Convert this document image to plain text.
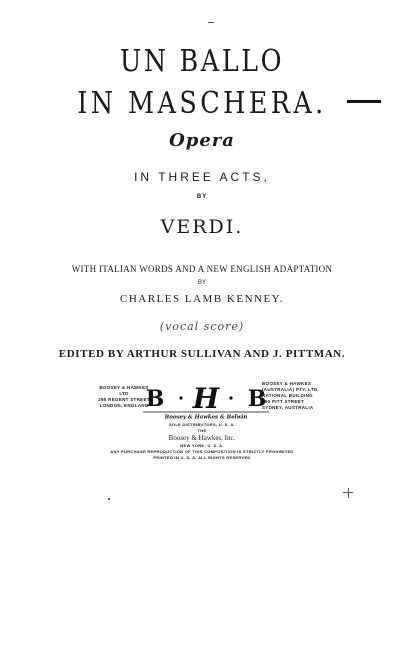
UN BALLO
IN MASCHERA.
Opera
IN THREE ACTS,
BY
VERDI.
WITH ITALIAN WORDS AND A NEW ENGLISH ADAPTATION
BY
CHARLES LAMB KENNEY.
(vocal score)
EDITED BY ARTHUR SULLIVAN AND J. PITTMAN.
BOOSEY & HAWKES
LTD
295 REGENT STREET
LONDON, ENGLAND
B H B
Boosey & Hawkes & Belwin
BOOSEY & HAWKES
(AUSTRALIA) PTY. LTD.
NATIONAL BUILDING
250 PITT STREET
SYDNEY, AUSTRALIA
SOLE DISTRIBUTORS, U. S. A.
THE
Boosey & Hawkes, Inc.
NEW YORK, U. S. A.
ANY PURCHASE REPRODUCTION OF THIS COMPOSITION IS STRICTLY PROHIBITED
PRINTED IN U. S. A. ALL RIGHTS RESERVED
